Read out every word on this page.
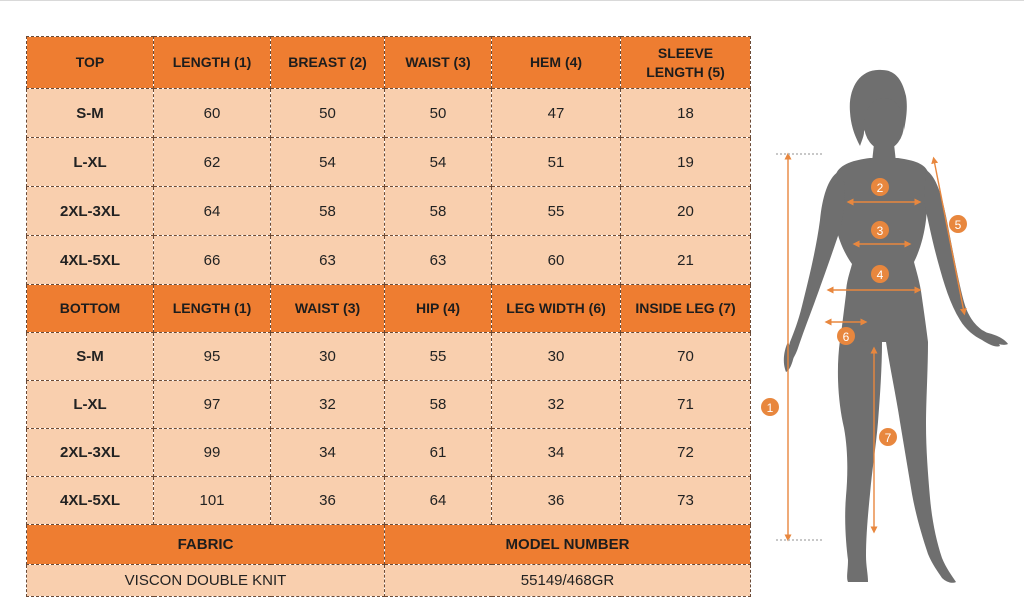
TOP	LENGTH (1)	BREAST (2)	WAIST (3)	HEM (4)	SLEEVE
LENGTH (5)
S-M	60	50	50	47	18
L-XL	62	54	54	51	19
2XL-3XL	64	58	58	55	20
4XL-5XL	66	63	63	60	21
BOTTOM	LENGTH (1)	WAIST (3)	HIP (4)	LEG WIDTH (6)	INSIDE LEG (7)
S-M	95	30	55	30	70
L-XL	97	32	58	32	71
2XL-3XL	99	34	61	34	72
4XL-5XL	101	36	64	36	73
FABRIC			MODEL NUMBER		
VISCON DOUBLE KNIT			55149/468GR		
1
2
3
4
5
6
7
